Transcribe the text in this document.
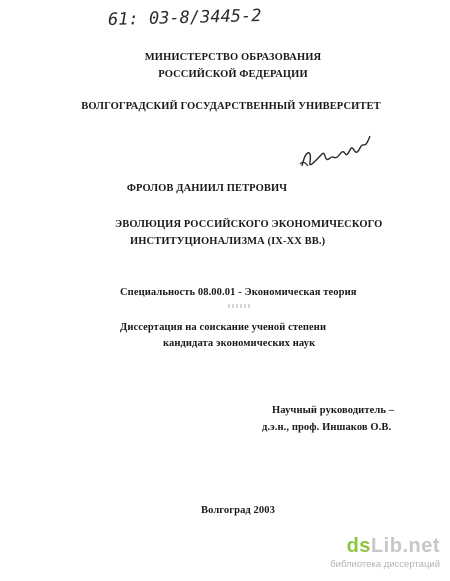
61: 03-8/3445-2
МИНИСТЕРСТВО ОБРАЗОВАНИЯ
РОССИЙСКОЙ ФЕДЕРАЦИИ
ВОЛГОГРАДСКИЙ ГОСУДАРСТВЕННЫЙ УНИВЕРСИТЕТ
ФРОЛОВ ДАНИИЛ ПЕТРОВИЧ
ЭВОЛЮЦИЯ РОССИЙСКОГО ЭКОНОМИЧЕСКОГО
ИНСТИТУЦИОНАЛИЗМА (IX-XX ВВ.)
Специальность 08.00.01 - Экономическая теория
Диссертация на соискание ученой степени
кандидата экономических наук
Научный руководитель –
д.э.н., проф. Иншаков О.В.
Волгоград 2003
dsLib.net
библиотека диссертаций
